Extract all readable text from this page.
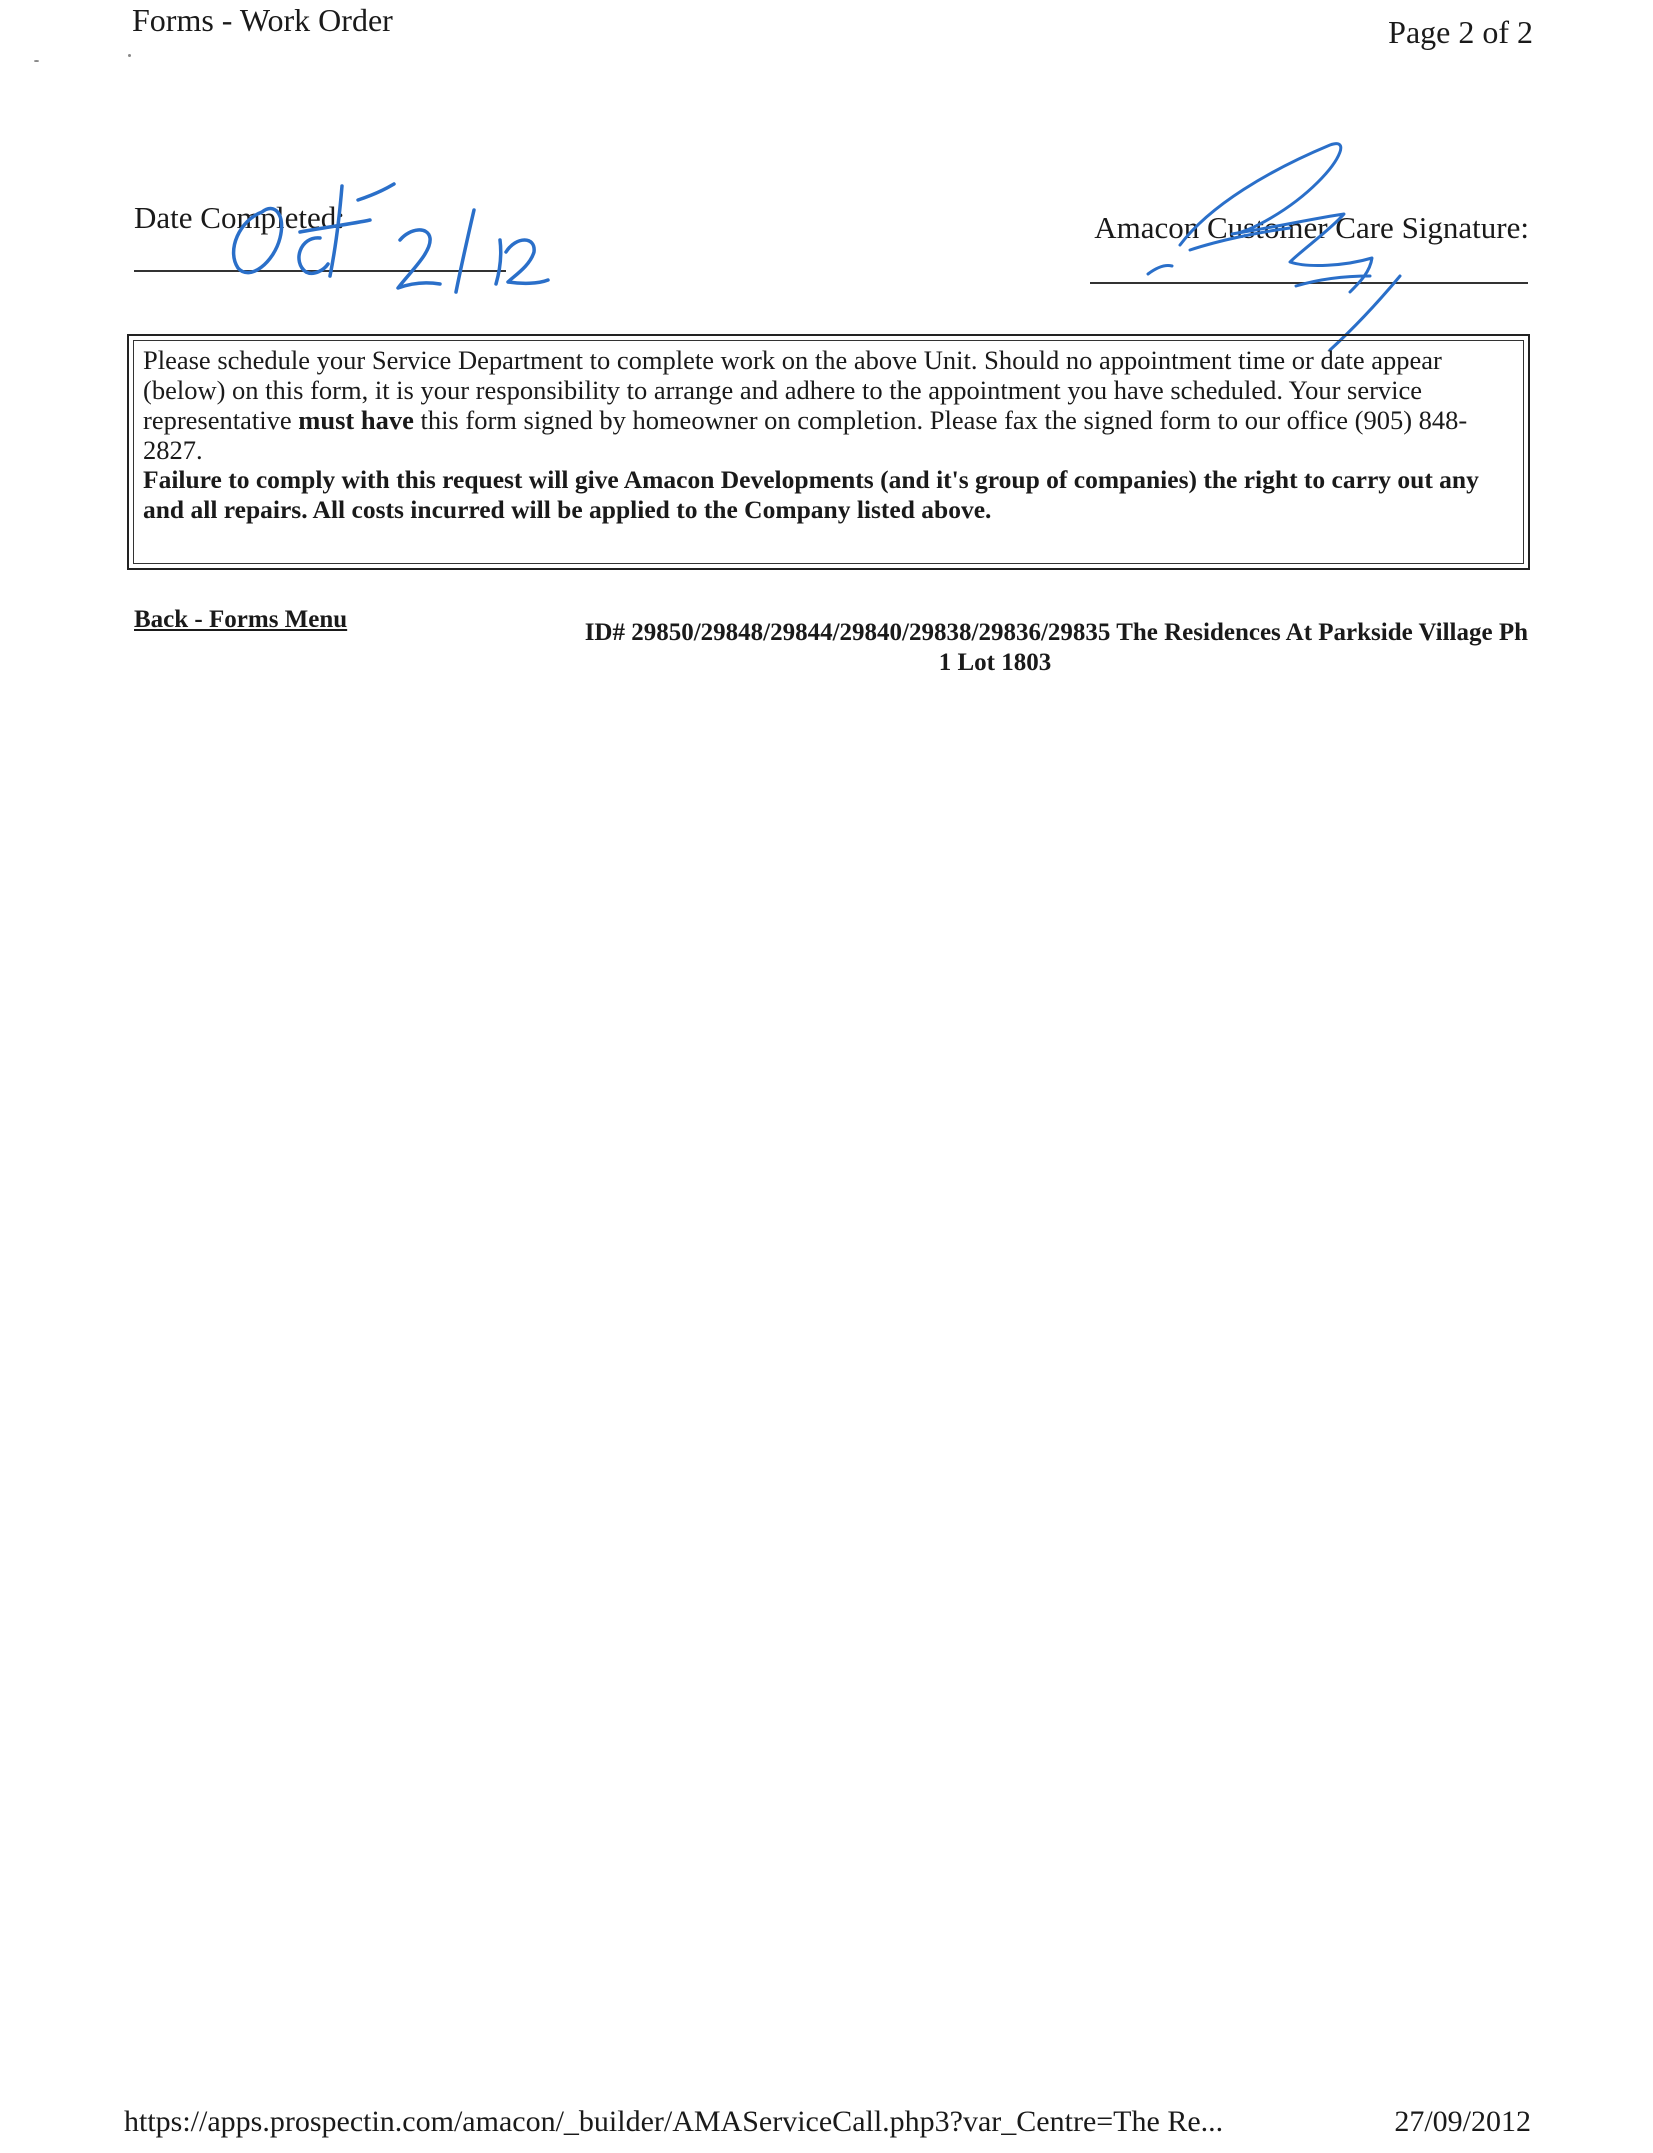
Forms - Work Order	Page 2 of 2
Date Completed:	Amacon Customer Care Signature:
Please schedule your Service Department to complete work on the above Unit. Should no appointment time or date appear (below) on this form, it is your responsibility to arrange and adhere to the appointment you have scheduled. Your service representative must have this form signed by homeowner on completion. Please fax the signed form to our office (905) 848-2827.
Failure to comply with this request will give Amacon Developments (and it's group of companies) the right to carry out any and all repairs. All costs incurred will be applied to the Company listed above.
Back - Forms Menu	ID# 29850/29848/29844/29840/29838/29836/29835 The Residences At Parkside Village Ph
1 Lot 1803
https://apps.prospectin.com/amacon/_builder/AMAServiceCall.php3?var_Centre=The Re...	27/09/2012
